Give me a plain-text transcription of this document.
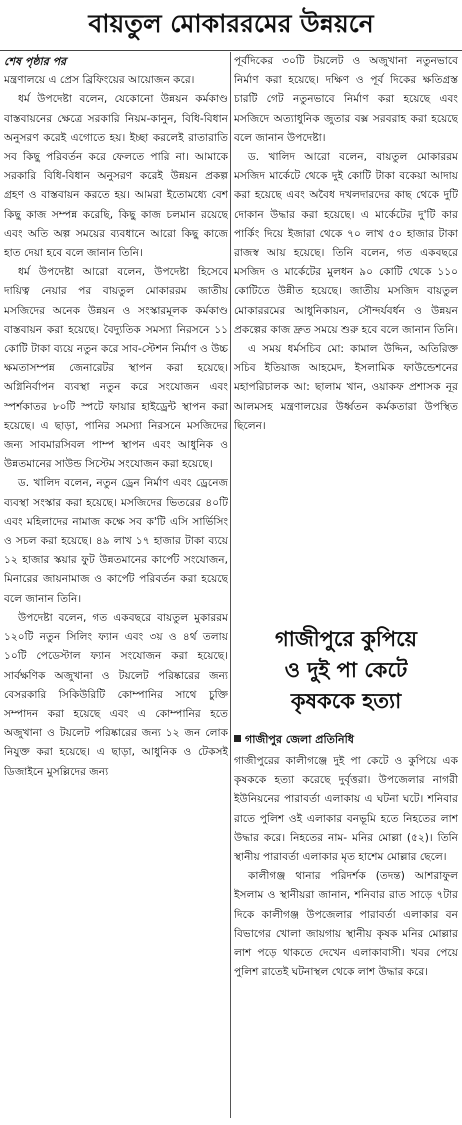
বায়তুল মোকাররমের উন্নয়নে

শেষ পৃষ্ঠার পর

মন্ত্রণালয়ে এ প্রেস ব্রিফিংয়ের আয়োজন করে।

ধর্ম উপদেষ্টা বলেন, যেকোনো উন্নয়ন কর্মকাণ্ড বাস্তবায়নের ক্ষেত্রে সরকারি নিয়ম-কানুন, বিধি-বিধান অনুসরণ করেই এগোতে হয়। ইচ্ছা করলেই রাতারাতি সব কিছু পরিবর্তন করে ফেলতে পারি না। আমাকে সরকারি বিধি-বিধান অনুসরণ করেই উন্নয়ন প্রকল্প গ্রহণ ও বাস্তবায়ন করতে হয়। আমরা ইতোমধ্যে বেশ কিছু কাজ সম্পন্ন করেছি, কিছু কাজ চলমান রয়েছে এবং অতি অল্প সময়ের ব্যবধানে আরো কিছু কাজে হাত দেয়া হবে বলে জানান তিনি।

ধর্ম উপদেষ্টা আরো বলেন, উপদেষ্টা হিসেবে দায়িত্ব নেয়ার পর বায়তুল মোকাররম জাতীয় মসজিদের অনেক উন্নয়ন ও সংস্কারমূলক কর্মকাণ্ড বাস্তবায়ন করা হয়েছে। বৈদ্যুতিক সমস্যা নিরসনে ১১ কোটি টাকা ব্যয়ে নতুন করে সাব-স্টেশন নির্মাণ ও উচ্চ ক্ষমতাসম্পন্ন জেনারেটর স্থাপন করা হয়েছে। অগ্নিনির্বাপন ব্যবস্থা নতুন করে সংযোজন এবং স্পর্শকাতর ৮০টি স্পটে ফায়ার হাইড্রেন্ট স্থাপন করা হয়েছে। এ ছাড়া, পানির সমস্যা নিরসনে মসজিদের জন্য সাবমারসিবল পাম্প স্থাপন এবং আধুনিক ও উন্নতমানের সাউন্ড সিস্টেম সংযোজন করা হয়েছে।

ড. খালিদ বলেন, নতুন ড্রেন নির্মাণ এবং ড্রেনেজ ব্যবস্থা সংস্কার করা হয়েছে। মসজিদের ভিতরের ৪০টি এবং মহিলাদের নামাজ কক্ষে সব ক'টি এসি সার্ভিসিং ও সচল করা হয়েছে। ৪৯ লাখ ১৭ হাজার টাকা ব্যয়ে ১২ হাজার স্কয়ার ফুট উন্নতমানের কার্পেট সংযোজন, মিনারের জায়নামাজ ও কার্পেট পরিবর্তন করা হয়েছে বলে জানান তিনি।

উপদেষ্টা বলেন, গত একবছরে বায়তুল মুকাররম ১২০টি নতুন সিলিং ফ্যান এবং ৩য় ও ৪র্থ তলায় ১০টি পেডেস্টাল ফ্যান সংযোজন করা হয়েছে। সার্বক্ষণিক অজুখানা ও টয়লেট পরিষ্কারের জন্য বেসরকারি সিকিউরিটি কোম্পানির সাথে চুক্তি সম্পাদন করা হয়েছে এবং এ কোম্পানির হতে অজুখানা ও টয়লেট পরিষ্কারের জন্য ১২ জন লোক নিযুক্ত করা হয়েছে। এ ছাড়া, আধুনিক ও টেকসই ডিজাইনে মুসল্লিদের জন্য

পূর্বদিকের ৩০টি টয়লেট ও অজুখানা নতুনভাবে নির্মাণ করা হয়েছে। দক্ষিণ ও পূর্ব দিকের ক্ষতিগ্রস্ত চারটি গেট নতুনভাবে নির্মাণ করা হয়েছে এবং মসজিদে অত্যাধুনিক জুতার বক্স সরবরাহ করা হয়েছে বলে জানান উপদেষ্টা।

ড. খালিদ আরো বলেন, বায়তুল মোকাররম মসজিদ মার্কেটে থেকে দুই কোটি টাকা বকেয়া আদায় করা হয়েছে এবং অবৈধ দখলদারদের কাছ থেকে দুটি দোকান উদ্ধার করা হয়েছে। এ মার্কেটের দু'টি কার পার্কিং দিয়ে ইজারা থেকে ৭০ লাখ ৫০ হাজার টাকা রাজস্ব আয় হয়েছে। তিনি বলেন, গত একবছরে মসজিদ ও মার্কেটের মুলধন ৯০ কোটি থেকে ১১০ কোটিতে উন্নীত হয়েছে। জাতীয় মসজিদ বায়তুল মোকাররমের আধুনিকায়ন, সৌন্দর্যবর্ধন ও উন্নয়ন প্রকল্পের কাজ দ্রুত সময়ে শুরু হবে বলে জানান তিনি।

এ সময় ধর্মসচিব মো: কামাল উদ্দিন, অতিরিক্ত সচিব ইতিয়াজ আহমেদ, ইসলামিক ফাউন্ডেশনের মহাপরিচালক আ: ছালাম খান, ওয়াকফ প্রশাসক নূর আলমসহ মন্ত্রণালয়ের উর্ধ্বতন কর্মকতারা উপস্থিত ছিলেন।

গাজীপুরে কুপিয়ে
ও দুই পা কেটে
কৃষককে হত্যা
গাজীপুর জেলা প্রতিনিধি

গাজীপুরের কালীগঞ্জে দুই পা কেটে ও কুপিয়ে এক কৃষককে হত্যা করেছে দুর্বৃত্তরা। উপজেলার নাগরী ইউনিয়নের পারাবর্তা এলাকায় এ ঘটনা ঘটে। শনিবার রাতে পুলিশ ওই এলাকার বনভূমি হতে নিহতের লাশ উদ্ধার করে। নিহতের নাম- মনির মোল্লা (৫২)। তিনি স্থানীয় পারাবর্তা এলাকার মৃত হাশেম মোল্লার ছেলে।

কালীগঞ্জ থানার পরিদর্শক (তদন্ত) আশরাফুল ইসলাম ও স্থানীয়রা জানান, শনিবার রাত সাড়ে ৭টার দিকে কালীগঞ্জ উপজেলার পারাবর্তা এলাকার বন বিভাগের খোলা জায়গায় স্থানীয় কৃষক মনির মোল্লার লাশ পড়ে থাকতে দেখেন এলাকাবাসী। খবর পেয়ে পুলিশ রাতেই ঘটনাস্থল থেকে লাশ উদ্ধার করে।
